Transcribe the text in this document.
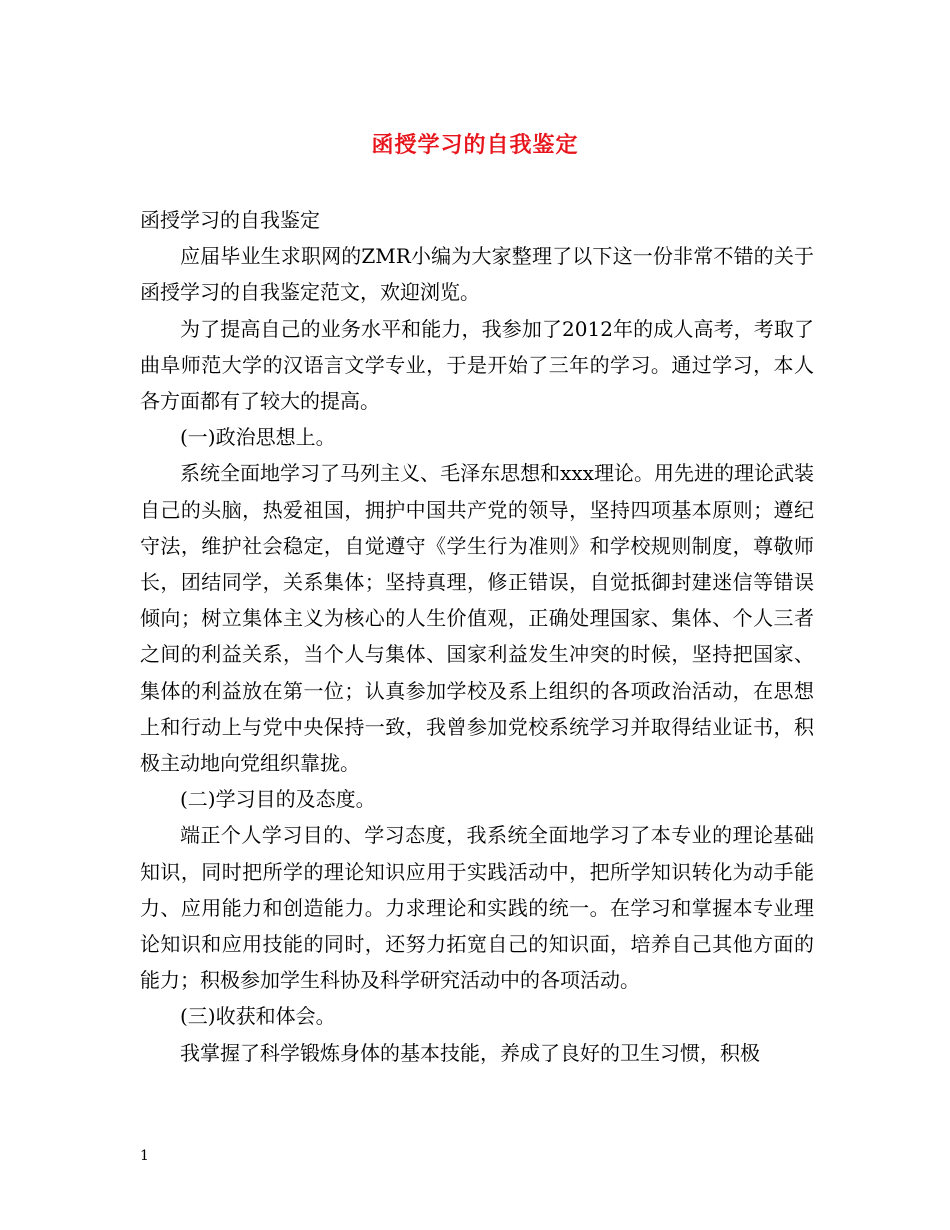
函授学习的自我鉴定

函授学习的自我鉴定

应届毕业生求职网的ZMR小编为大家整理了以下这一份非常不错的关于函授学习的自我鉴定范文，欢迎浏览。

为了提高自己的业务水平和能力，我参加了2012年的成人高考，考取了曲阜师范大学的汉语言文学专业，于是开始了三年的学习。通过学习，本人各方面都有了较大的提高。

(一)政治思想上。

系统全面地学习了马列主义、毛泽东思想和xxx理论。用先进的理论武装自己的头脑，热爱祖国，拥护中国共产党的领导，坚持四项基本原则；遵纪守法，维护社会稳定，自觉遵守《学生行为准则》和学校规则制度，尊敬师长，团结同学，关系集体；坚持真理，修正错误，自觉抵御封建迷信等错误倾向；树立集体主义为核心的人生价值观，正确处理国家、集体、个人三者之间的利益关系，当个人与集体、国家利益发生冲突的时候，坚持把国家、集体的利益放在第一位；认真参加学校及系上组织的各项政治活动，在思想上和行动上与党中央保持一致，我曾参加党校系统学习并取得结业证书，积极主动地向党组织靠拢。

(二)学习目的及态度。

端正个人学习目的、学习态度，我系统全面地学习了本专业的理论基础知识，同时把所学的理论知识应用于实践活动中，把所学知识转化为动手能力、应用能力和创造能力。力求理论和实践的统一。在学习和掌握本专业理论知识和应用技能的同时，还努力拓宽自己的知识面，培养自己其他方面的能力；积极参加学生科协及科学研究活动中的各项活动。

(三)收获和体会。

我掌握了科学锻炼身体的基本技能，养成了良好的卫生习惯，积极

1
